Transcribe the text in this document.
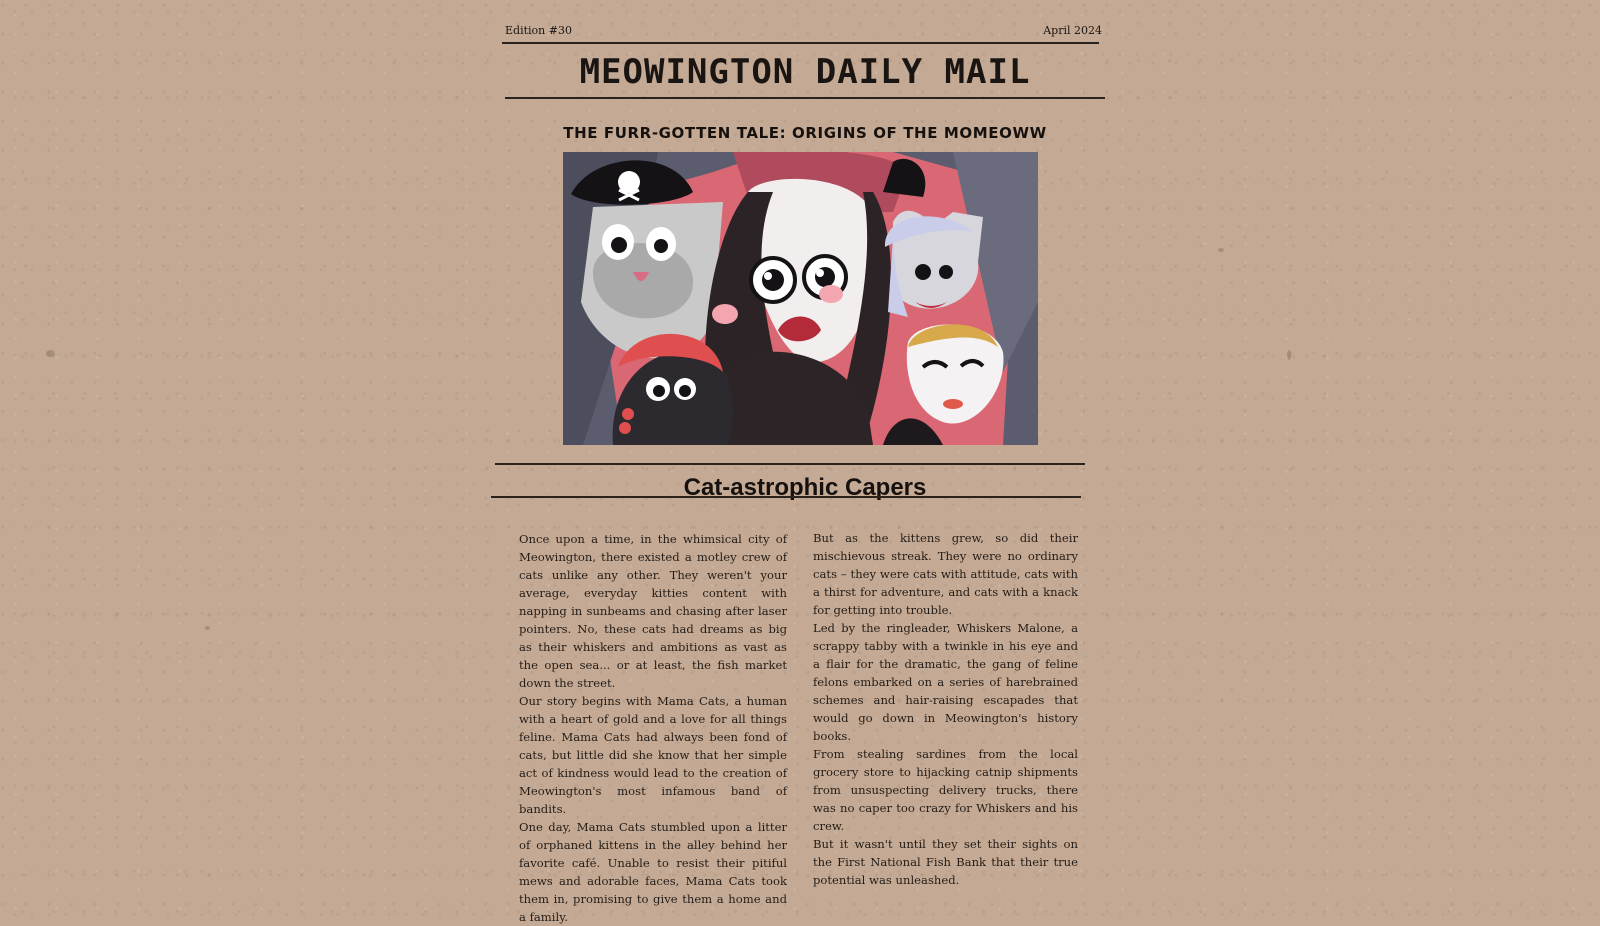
Edition #30	April 2024
MEOWINGTON DAILY MAIL
THE FURR-GOTTEN TALE: ORIGINS OF THE MOMEOWW
Cat-astrophic Capers

Once upon a time, in the whimsical city of Meowington, there existed a motley crew of cats unlike any other. They weren't your average, everyday kitties content with napping in sunbeams and chasing after laser pointers. No, these cats had dreams as big as their whiskers and ambitions as vast as the open sea... or at least, the fish market down the street.

Our story begins with Mama Cats, a human with a heart of gold and a love for all things feline. Mama Cats had always been fond of cats, but little did she know that her simple act of kindness would lead to the creation of Meowington's most infamous band of bandits.

One day, Mama Cats stumbled upon a litter of orphaned kittens in the alley behind her favorite café. Unable to resist their pitiful mews and adorable faces, Mama Cats took them in, promising to give them a home and a family.

But as the kittens grew, so did their mischievous streak. They were no ordinary cats – they were cats with attitude, cats with a thirst for adventure, and cats with a knack for getting into trouble.

Led by the ringleader, Whiskers Malone, a scrappy tabby with a twinkle in his eye and a flair for the dramatic, the gang of feline felons embarked on a series of harebrained schemes and hair-raising escapades that would go down in Meowington's history books.

From stealing sardines from the local grocery store to hijacking catnip shipments from unsuspecting delivery trucks, there was no caper too crazy for Whiskers and his crew.

But it wasn't until they set their sights on the First National Fish Bank that their true potential was unleashed.
